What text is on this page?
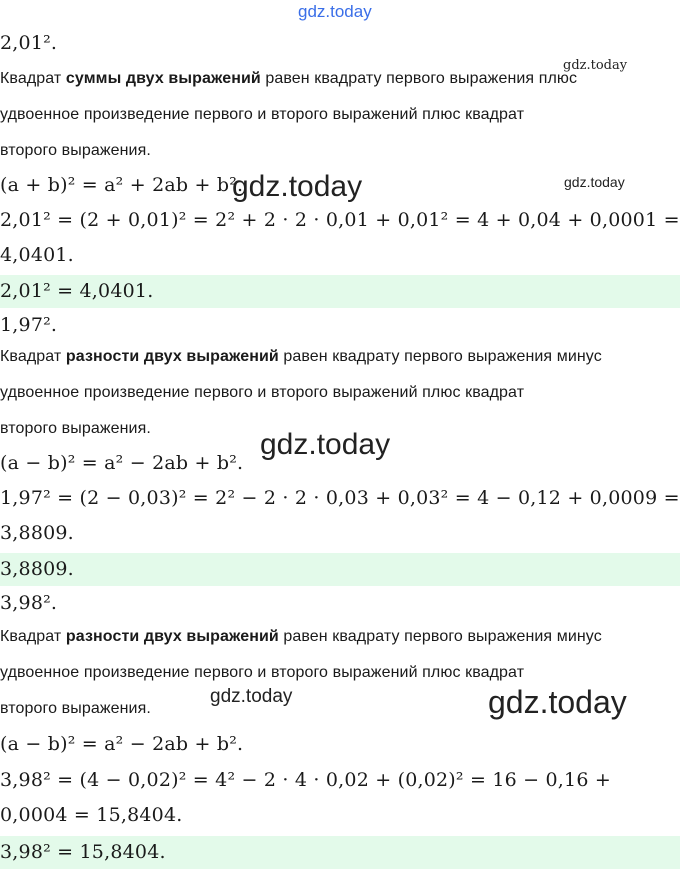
gdz.today
gdz.today
gdz.today
gdz.today
gdz.today
gdz.today	gdz.today
2,01².
Квадрат суммы двух выражений равен квадрату первого выражения плюс
удвоенное произведение первого и второго выражений плюс квадрат
второго выражения.
(a + b)² = a² + 2ab + b².
2,01² = (2 + 0,01)² = 2² + 2 · 2 · 0,01 + 0,01² = 4 + 0,04 + 0,0001 =
4,0401.
2,01² = 4,0401.
1,97².
Квадрат разности двух выражений равен квадрату первого выражения минус
удвоенное произведение первого и второго выражений плюс квадрат
второго выражения.
(a − b)² = a² − 2ab + b².
1,97² = (2 − 0,03)² = 2² − 2 · 2 · 0,03 + 0,03² = 4 − 0,12 + 0,0009 =
3,8809.
3,8809.
3,98².
Квадрат разности двух выражений равен квадрату первого выражения минус
удвоенное произведение первого и второго выражений плюс квадрат
второго выражения.
(a − b)² = a² − 2ab + b².
3,98² = (4 − 0,02)² = 4² − 2 · 4 · 0,02 + (0,02)² = 16 − 0,16 +
0,0004 = 15,8404.
3,98² = 15,8404.
